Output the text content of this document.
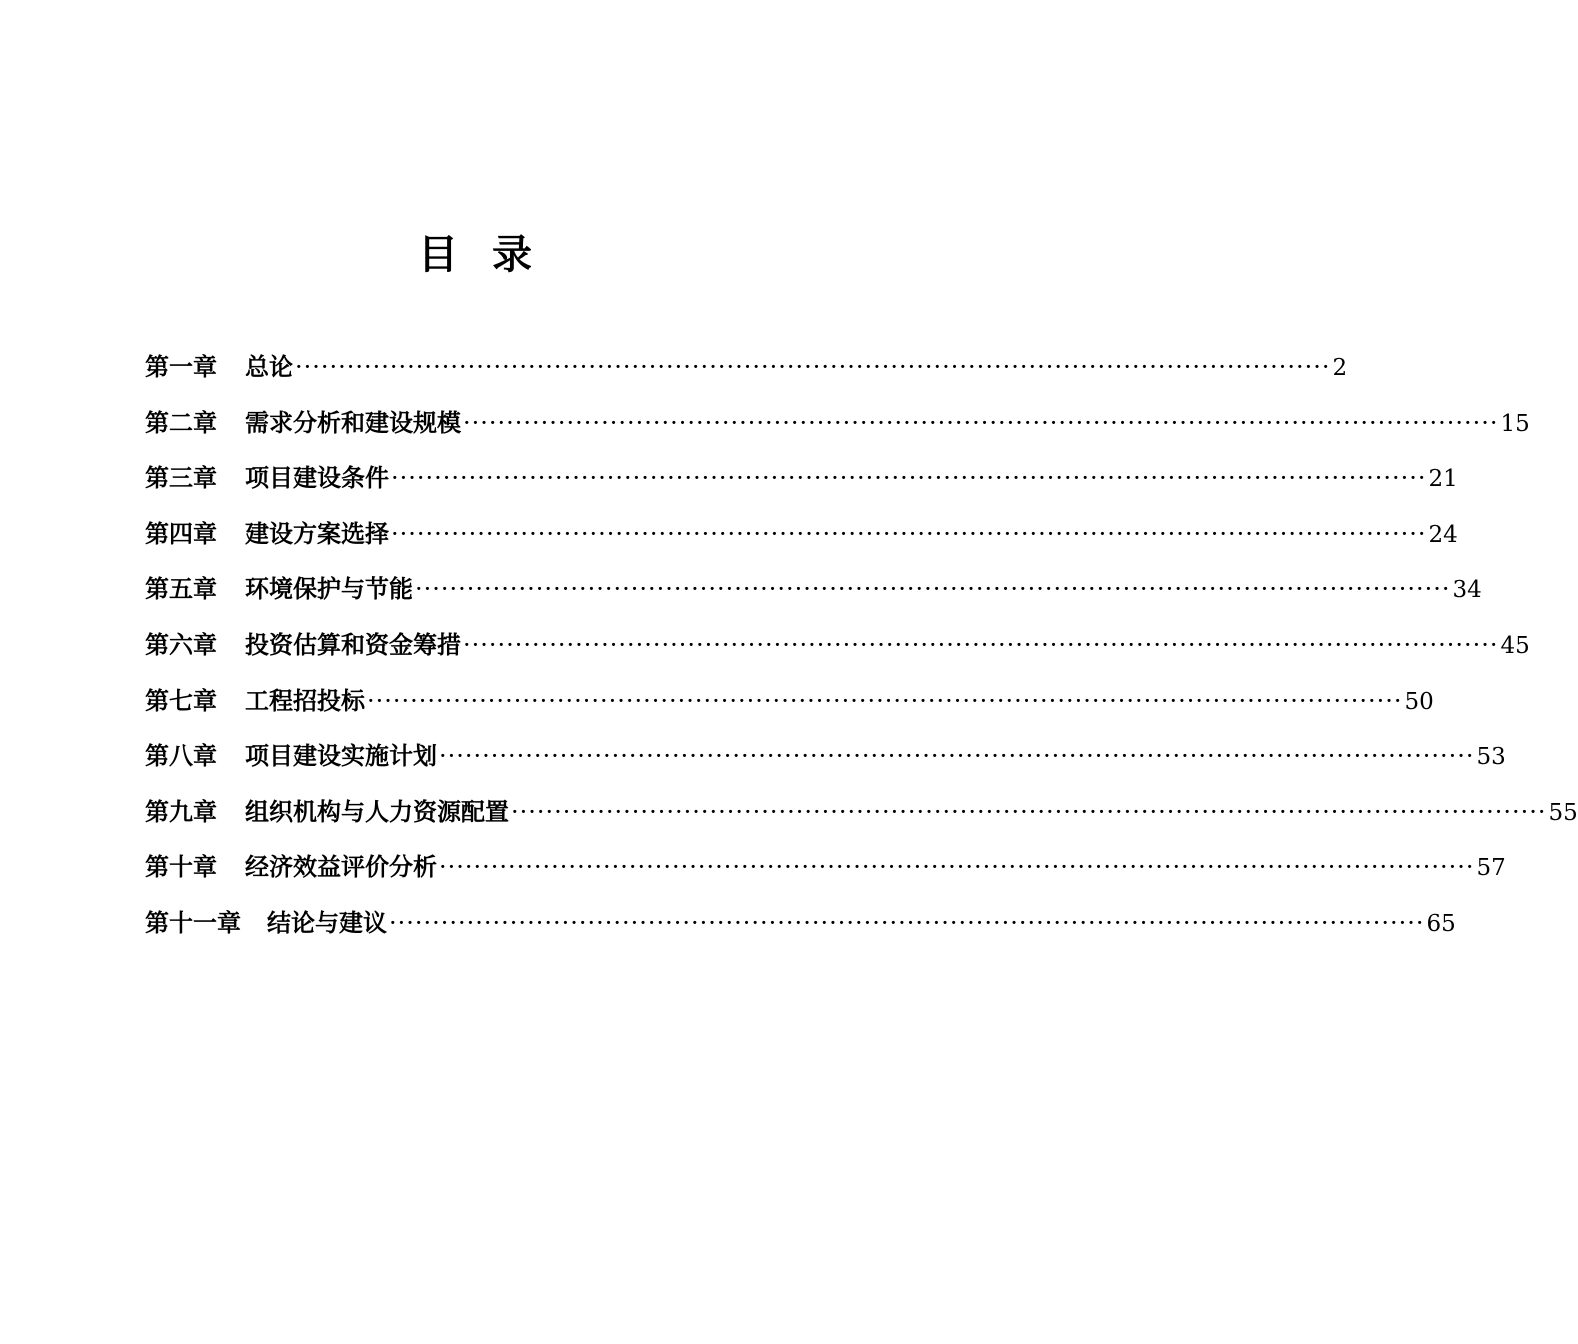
目 录
第一章	总论 ························································································································ 2
第二章	需求分析和建设规模 ························································································································ 15
第三章	项目建设条件 ························································································································ 21
第四章	建设方案选择 ························································································································ 24
第五章	环境保护与节能 ························································································································ 34
第六章	投资估算和资金筹措 ························································································································ 45
第七章	工程招投标 ························································································································ 50
第八章	项目建设实施计划 ························································································································ 53
第九章	组织机构与人力资源配置 ························································································································ 55
第十章	经济效益评价分析 ························································································································ 57
第十一章	结论与建议 ························································································································ 65
